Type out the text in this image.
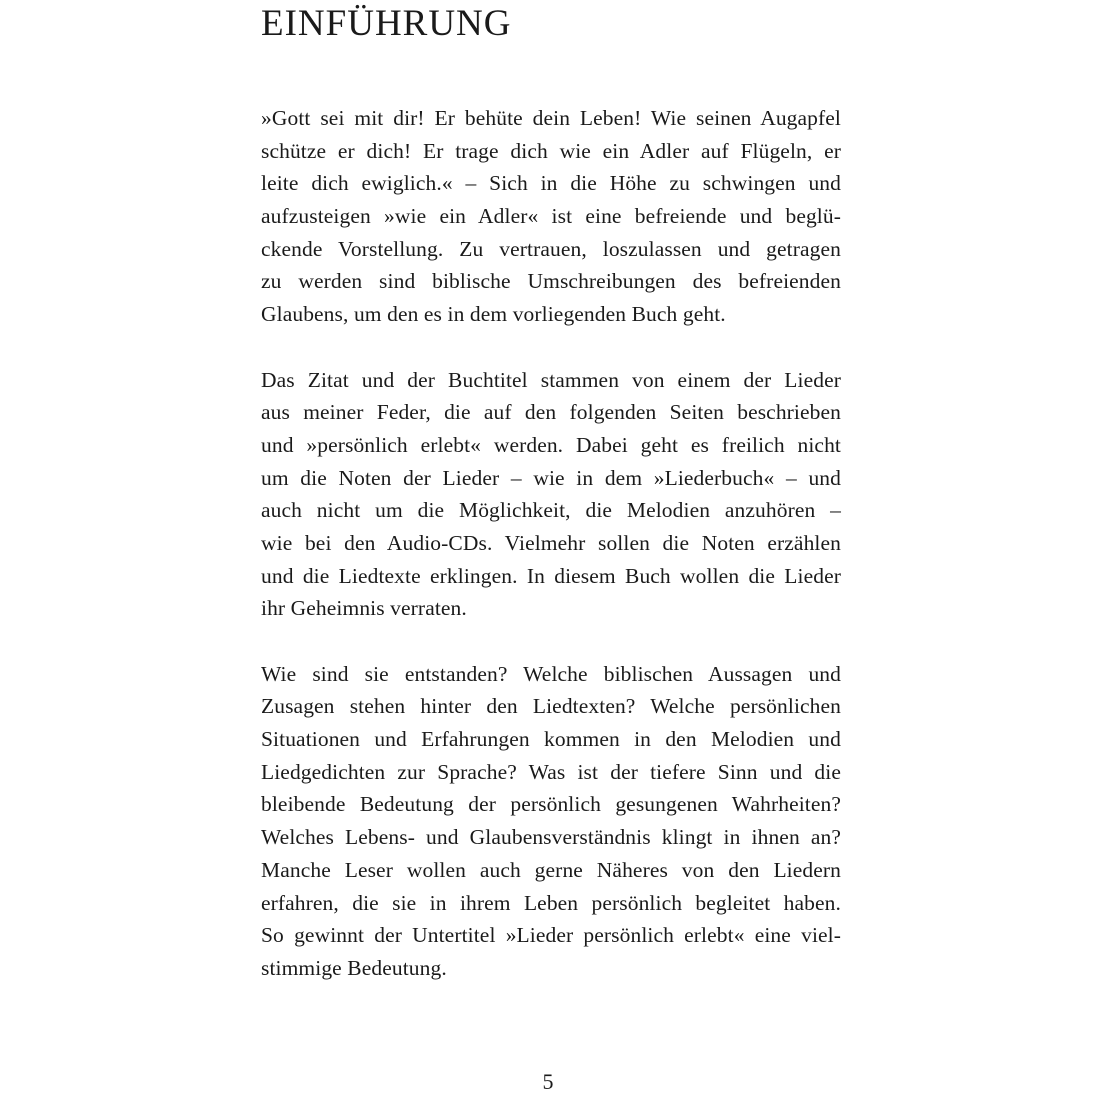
EINFÜHRUNG
»Gott sei mit dir! Er behüte dein Leben! Wie seinen Augapfel
schütze er dich! Er trage dich wie ein Adler auf Flügeln, er
leite dich ewiglich.« – Sich in die Höhe zu schwingen und
aufzusteigen »wie ein Adler« ist eine befreiende und beglü-
ckende Vorstellung. Zu vertrauen, loszulassen und getragen
zu werden sind biblische Umschreibungen des befreienden
Glaubens, um den es in dem vorliegenden Buch geht.
Das Zitat und der Buchtitel stammen von einem der Lieder
aus meiner Feder, die auf den folgenden Seiten beschrieben
und »persönlich erlebt« werden. Dabei geht es freilich nicht
um die Noten der Lieder – wie in dem »Liederbuch« – und
auch nicht um die Möglichkeit, die Melodien anzuhören –
wie bei den Audio-CDs. Vielmehr sollen die Noten erzählen
und die Liedtexte erklingen. In diesem Buch wollen die Lieder
ihr Geheimnis verraten.
Wie sind sie entstanden? Welche biblischen Aussagen und
Zusagen stehen hinter den Liedtexten? Welche persönlichen
Situationen und Erfahrungen kommen in den Melodien und
Liedgedichten zur Sprache? Was ist der tiefere Sinn und die
bleibende Bedeutung der persönlich gesungenen Wahrheiten?
Welches Lebens- und Glaubensverständnis klingt in ihnen an?
Manche Leser wollen auch gerne Näheres von den Liedern
erfahren, die sie in ihrem Leben persönlich begleitet haben.
So gewinnt der Untertitel »Lieder persönlich erlebt« eine viel-
stimmige Bedeutung.
5
